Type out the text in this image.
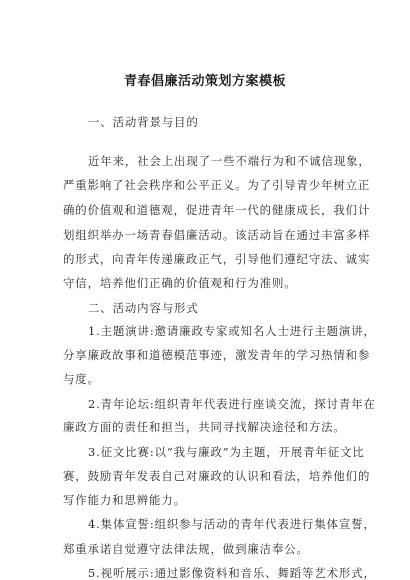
青春倡廉活动策划方案模板
一、活动背景与目的
近年来，社会上出现了一些不端行为和不诚信现象，
严重影响了社会秩序和公平正义。为了引导青少年树立正
确的价值观和道德观，促进青年一代的健康成长，我们计
划组织举办一场青春倡廉活动。该活动旨在通过丰富多样
的形式，向青年传递廉政正气，引导他们遵纪守法、诚实
守信，培养他们正确的价值观和行为准则。
二、活动内容与形式
1.主题演讲:邀请廉政专家或知名人士进行主题演讲，
分享廉政故事和道德模范事迹，激发青年的学习热情和参
与度。
2.青年论坛:组织青年代表进行座谈交流，探讨青年在
廉政方面的责任和担当，共同寻找解决途径和方法。
3.征文比赛:以“我与廉政”为主题，开展青年征文比
赛，鼓励青年发表自己对廉政的认识和看法，培养他们的
写作能力和思辨能力。
4.集体宣誓:组织参与活动的青年代表进行集体宣誓，
郑重承诺自觉遵守法律法规，做到廉洁奉公。
5.视听展示:通过影像资料和音乐、舞蹈等艺术形式，
